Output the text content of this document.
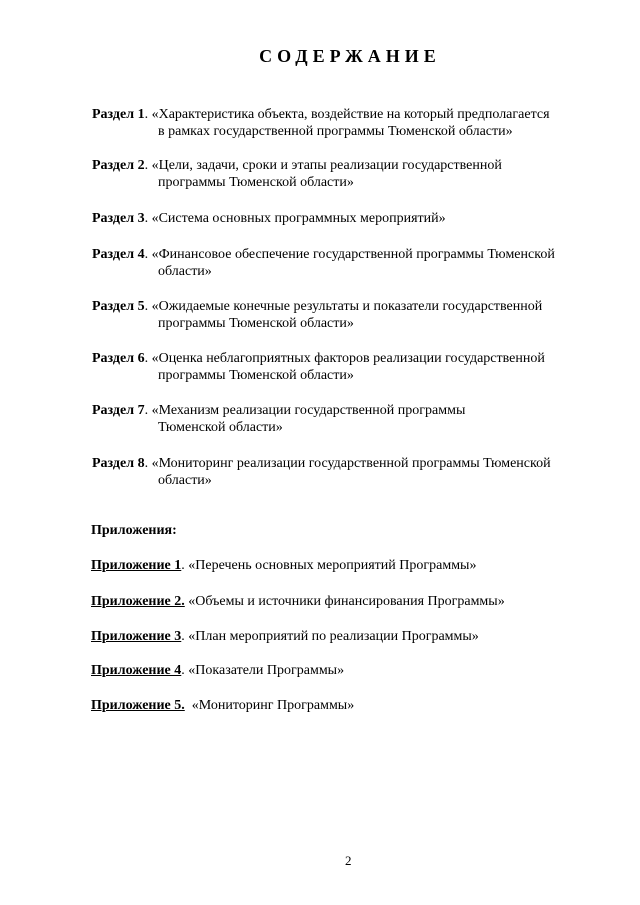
СОДЕРЖАНИЕ
Раздел 1. «Характеристика объекта, воздействие на который предполагается
в рамках государственной программы Тюменской области»
Раздел 2. «Цели, задачи, сроки и этапы реализации государственной
программы Тюменской области»
Раздел 3. «Система основных программных мероприятий»
Раздел 4. «Финансовое обеспечение государственной программы Тюменской
области»
Раздел 5. «Ожидаемые конечные результаты и показатели государственной
программы Тюменской области»
Раздел 6. «Оценка неблагоприятных факторов реализации государственной
программы Тюменской области»
Раздел 7. «Механизм реализации государственной программы
Тюменской области»
Раздел 8. «Мониторинг реализации государственной программы Тюменской
области»
Приложения:
Приложение 1. «Перечень основных мероприятий Программы»
Приложение 2. «Объемы и источники финансирования Программы»
Приложение 3. «План мероприятий по реализации Программы»
Приложение 4. «Показатели Программы»
Приложение 5.  «Мониторинг Программы»
2
